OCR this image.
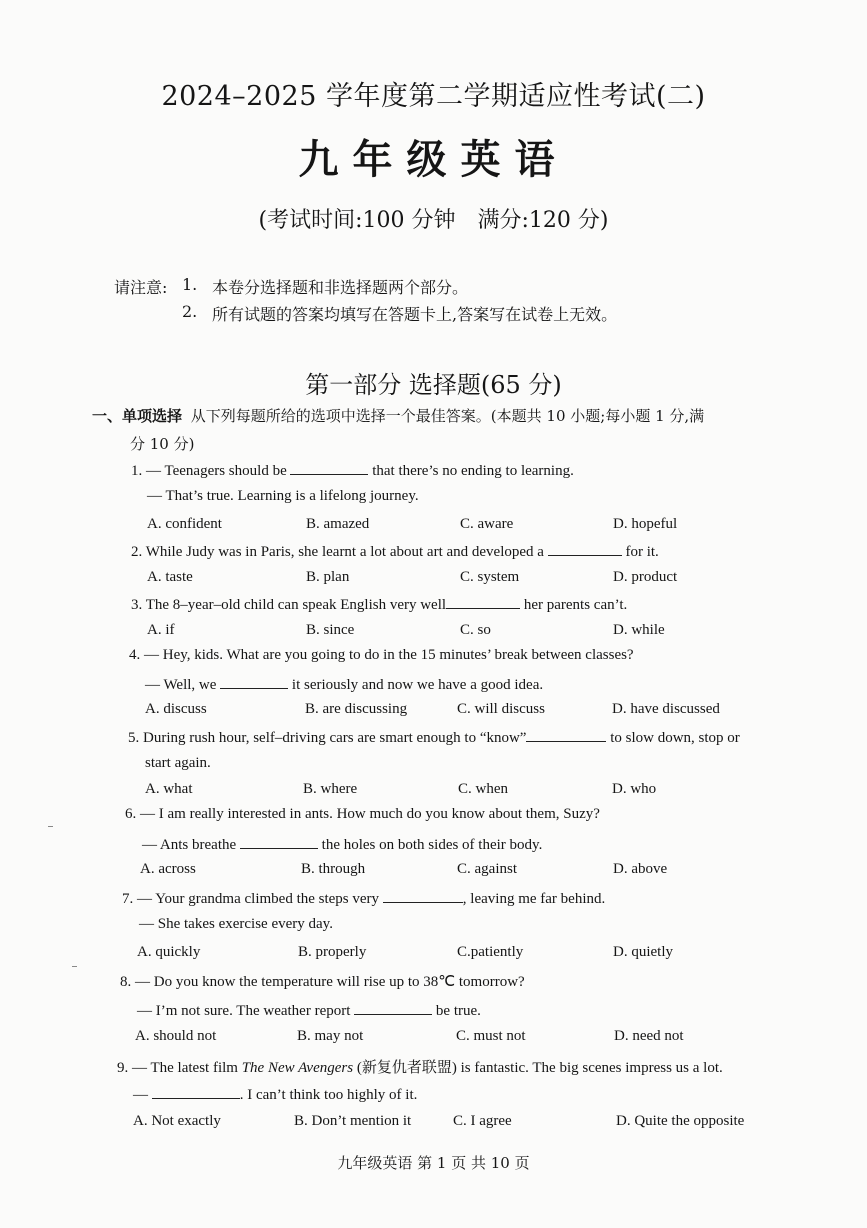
2024–2025 学年度第二学期适应性考试(二)
九年级英语
(考试时间:100 分钟　满分:120 分)
请注意: 1. 本卷分选择题和非选择题两个部分。
2. 所有试题的答案均填写在答题卡上,答案写在试卷上无效。
第一部分 选择题(65 分)
一、单项选择 从下列每题所给的选项中选择一个最佳答案。(本题共 10 小题;每小题 1 分,满
分 10 分)
1. — Teenagers should be	that there’s no ending to learning.
— That’s true. Learning is a lifelong journey.
A. confident	B. amazed	C. aware	D. hopeful
2. While Judy was in Paris, she learnt a lot about art and developed a	for it.
A. taste	B. plan	C. system	D. product
3. The 8–year–old child can speak English very well	her parents can’t.
A. if	B. since	C. so	D. while
4. — Hey, kids. What are you going to do in the 15 minutes’ break between classes?
— Well, we	it seriously and now we have a good idea.
A. discuss	B. are discussing	C. will discuss	D. have discussed
5. During rush hour, self–driving cars are smart enough to “know”	to slow down, stop or
start again.
A. what	B. where	C. when	D. who
6. — I am really interested in ants. How much do you know about them, Suzy?
— Ants breathe	the holes on both sides of their body.
A. across	B. through	C. against	D. above
7. — Your grandma climbed the steps very	, leaving me far behind.
— She takes exercise every day.
A. quickly	B. properly	C.patiently	D. quietly
8. — Do you know the temperature will rise up to 38℃ tomorrow?
— I’m not sure. The weather report	be true.
A. should not	B. may not	C. must not	D. need not
9. — The latest film The New Avengers (新复仇者联盟) is fantastic. The big scenes impress us a lot.
—	. I can’t think too highly of it.
A. Not exactly	B. Don’t mention it	C. I agree	D. Quite the opposite
九年级英语 第 1 页 共 10 页
